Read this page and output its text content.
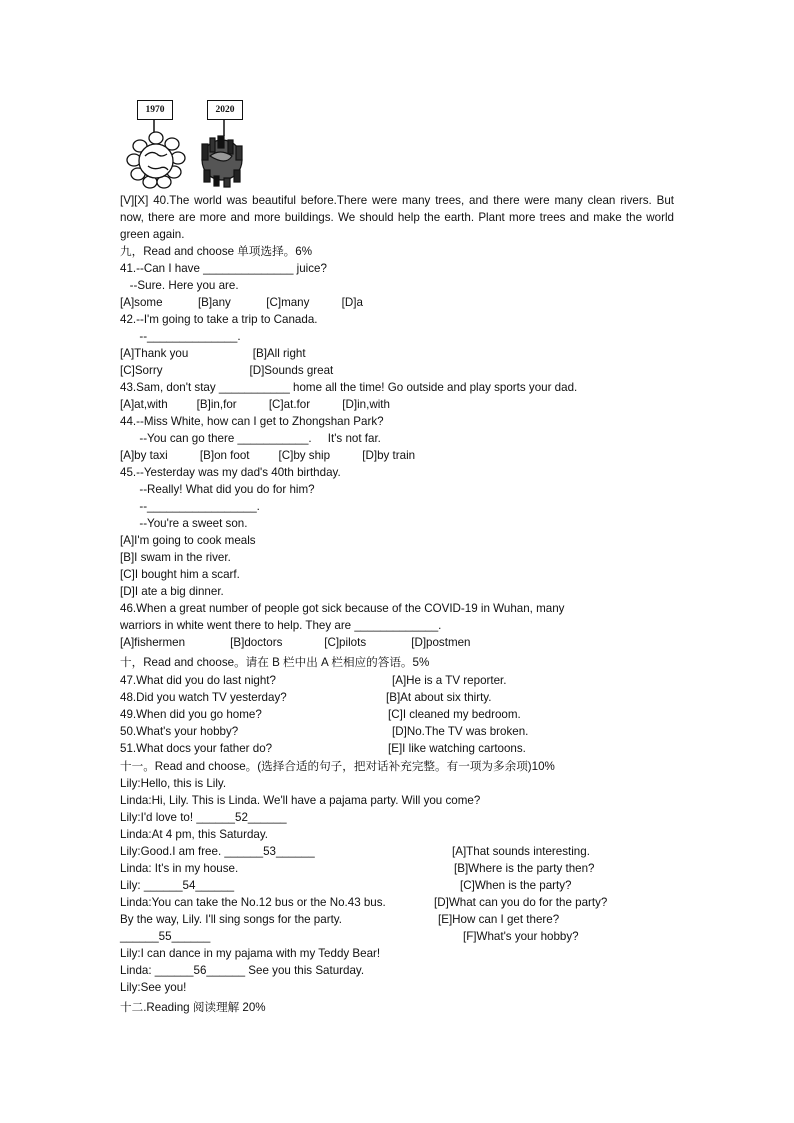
1970	2020
[V][X] 40.The world was beautiful before.There were many trees, and there were many clean rivers. But now, there are more and more buildings. We should help the earth. Plant more trees and make the world green again.
九，Read and choose 单项选择。6%
41.--Can I have ______________ juice?
--Sure. Here you are.
[A]some           [B]any           [C]many          [D]a
42.--I'm going to take a trip to Canada.
--______________.
[A]Thank you                    [B]All right
[C]Sorry                           [D]Sounds great
43.Sam, don't stay ___________ home all the time! Go outside and play sports your dad.
[A]at,with         [B]in,for          [C]at.for          [D]in,with
44.--Miss White, how can I get to Zhongshan Park?
--You can go there ___________.     It's not far.
[A]by taxi          [B]on foot         [C]by ship          [D]by train
45.--Yesterday was my dad's 40th birthday.
--Really! What did you do for him?
--_________________.
--You're a sweet son.
[A]I'm going to cook meals
[B]I swam in the river.
[C]I bought him a scarf.
[D]I ate a big dinner.
46.When a great number of people got sick because of the COVID-19 in Wuhan, many
warriors in white went there to help. They are _____________.
[A]fishermen              [B]doctors             [C]pilots              [D]postmen
十，Read and choose。请在 B 栏中出 A 栏相应的答语。5%
47.What did you do last night?	[A]He is a TV reporter.
48.Did you watch TV yesterday?	[B]At about six thirty.
49.When did you go home?	[C]I cleaned my bedroom.
50.What's your hobby?	[D]No.The TV was broken.
51.What docs your father do?	[E]I like watching cartoons.
十一。Read and choose。(选择合适的句子，把对话补充完整。有一项为多余项)10%
Lily:Hello, this is Lily.
Linda:Hi, Lily. This is Linda. We'll have a pajama party. Will you come?
Lily:I'd love to! ______52______
Linda:At 4 pm, this Saturday.
Lily:Good.I am free. ______53______
Linda: It's in my house.
Lily: ______54______
Linda:You can take the No.12 bus or the No.43 bus.
By the way, Lily. I'll sing songs for the party.
______55______
Lily:I can dance in my pajama with my Teddy Bear!
Linda: ______56______ See you this Saturday.
Lily:See you!
[A]That sounds interesting.
[B]Where is the party then?
[C]When is the party?
[D]What can you do for the party?
[E]How can I get there?
[F]What's your hobby?
十二.Reading 阅读理解 20%
